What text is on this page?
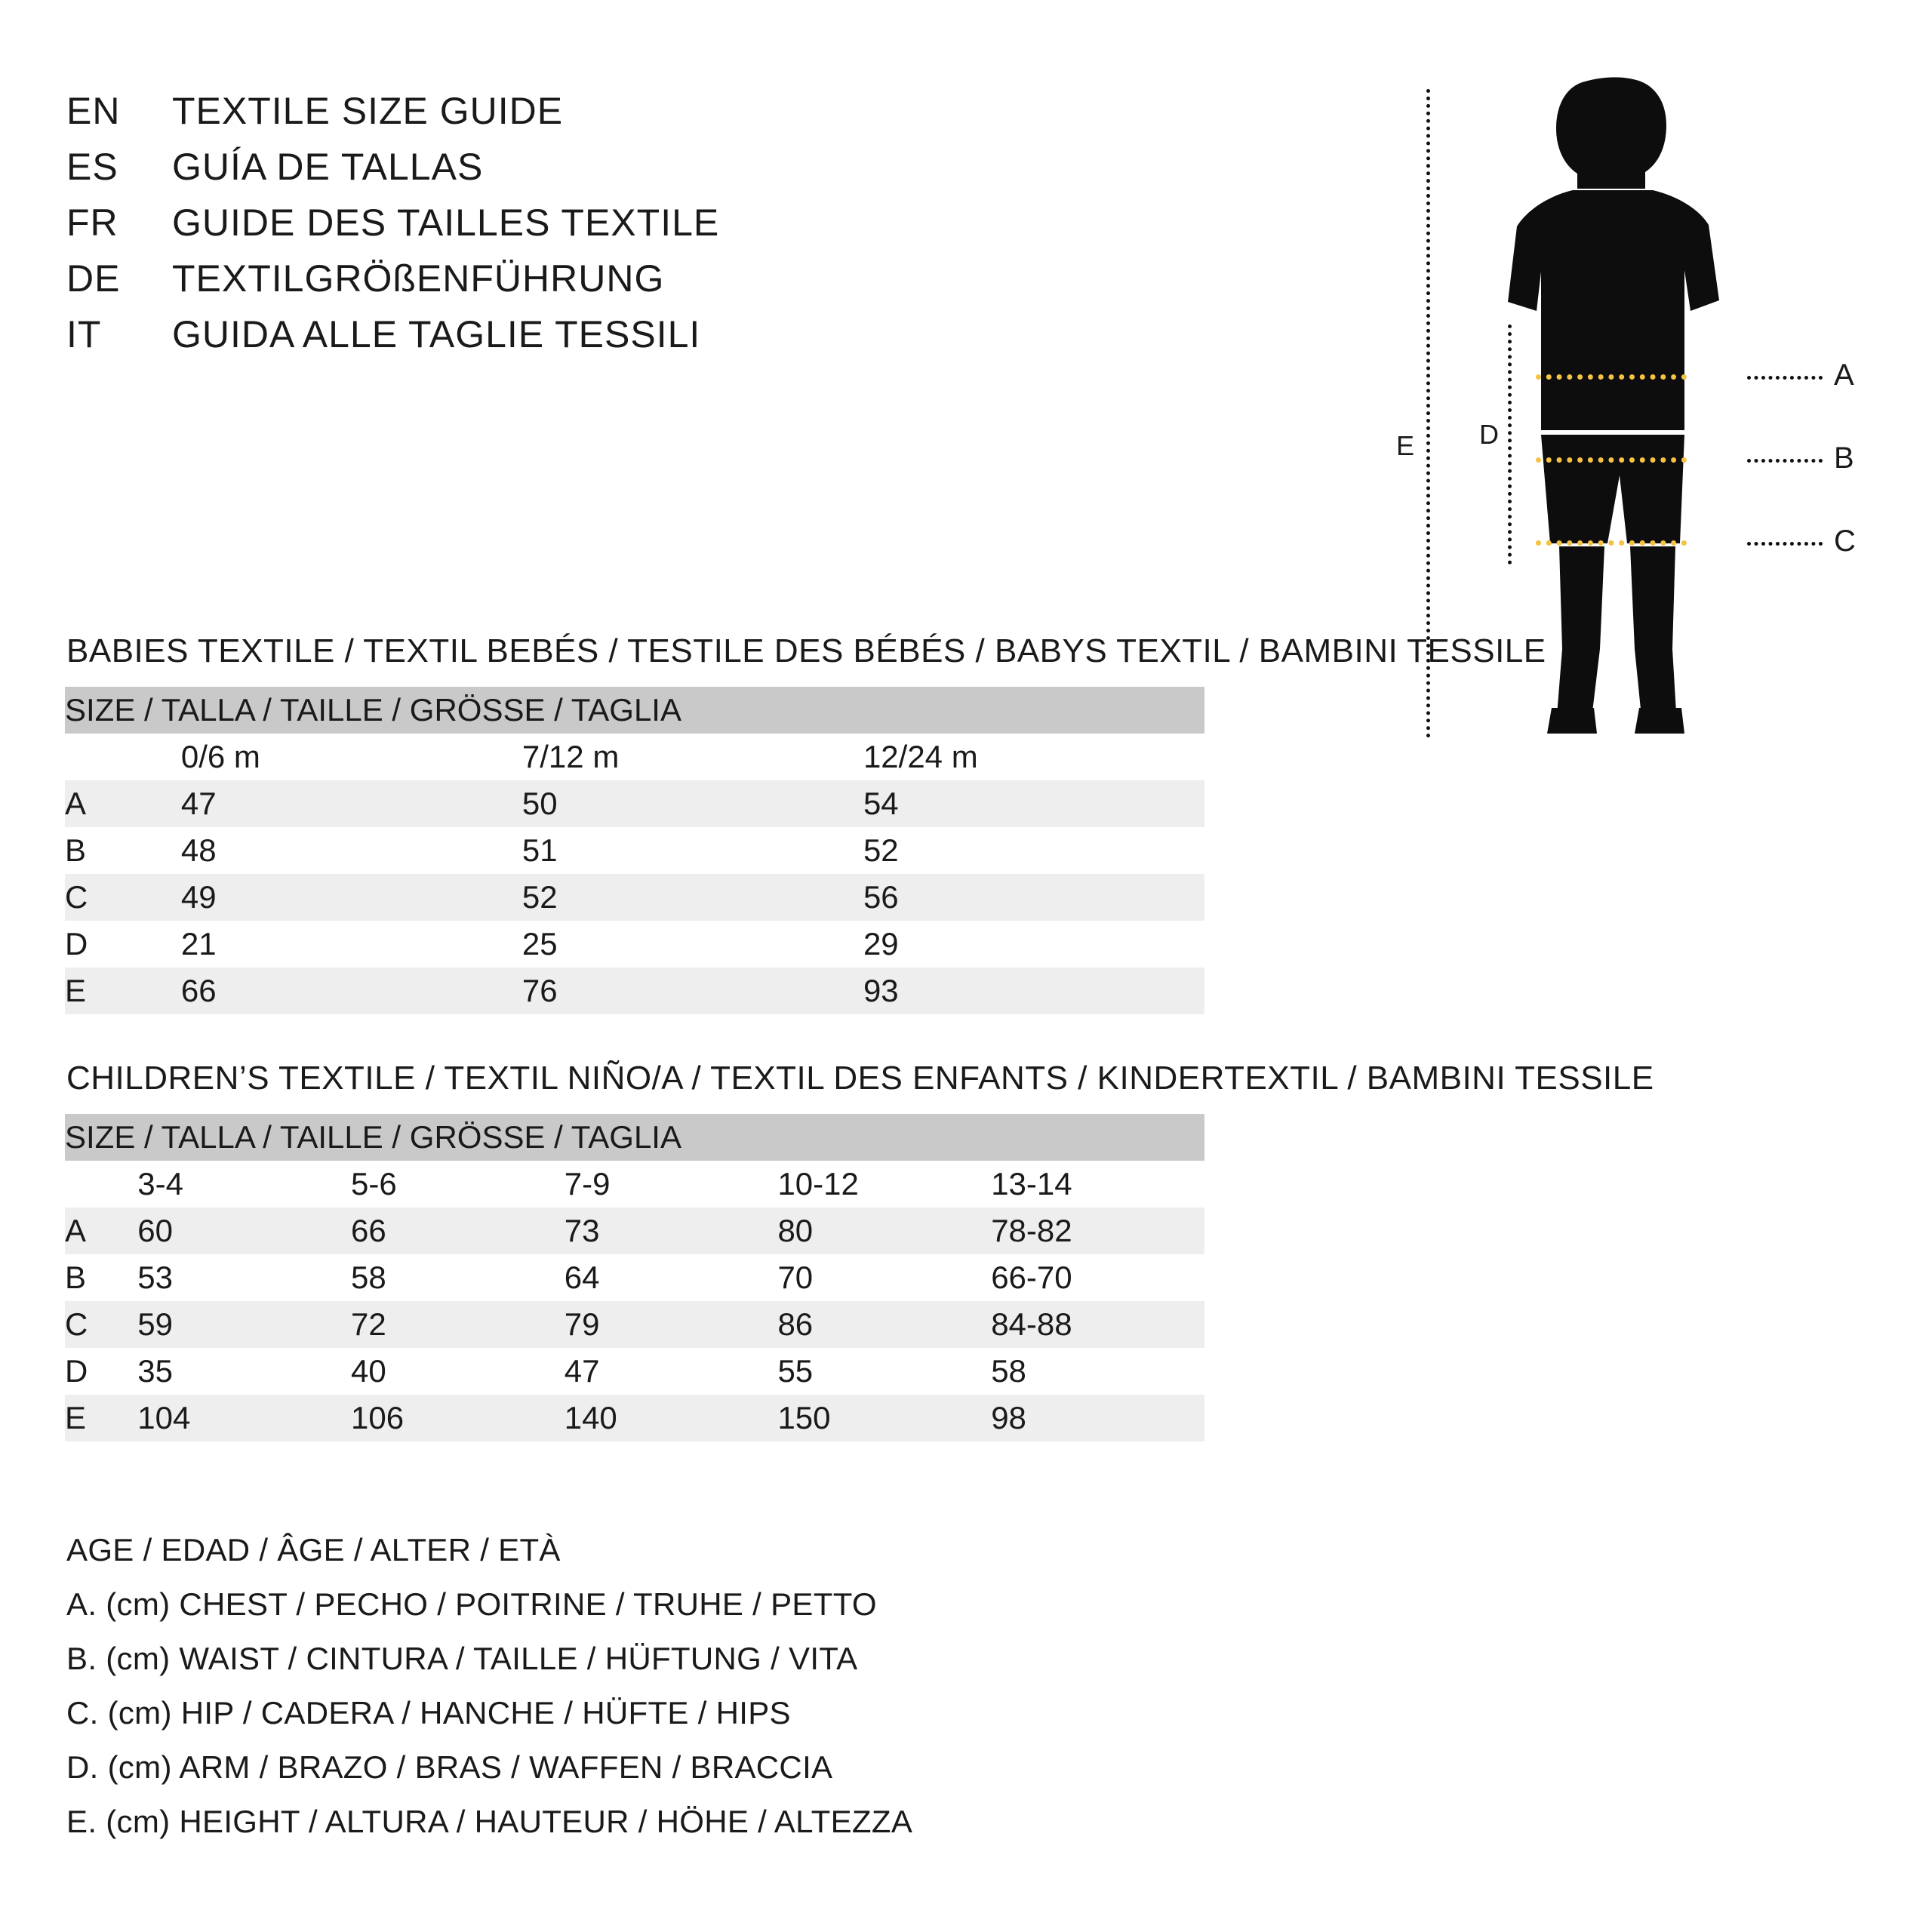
EN	TEXTILE SIZE GUIDE
ES	GUÍA DE TALLAS
FR	GUIDE DES TAILLES TEXTILE
DE	TEXTILGRÖßENFÜHRUNG
IT	GUIDA ALLE TAGLIE TESSILI
E D
A
B
C
BABIES TEXTILE / TEXTIL BEBÉS / TESTILE DES BÉBÉS / BABYS TEXTIL / BAMBINI TESSILE
SIZE / TALLA / TAILLE / GRÖSSE / TAGLIA			
	0/6 m	7/12 m	12/24 m
A	47	50	54
B	48	51	52
C	49	52	56
D	21	25	29
E	66	76	93
CHILDREN’S TEXTILE / TEXTIL NIÑO/A / TEXTIL DES ENFANTS / KINDERTEXTIL / BAMBINI TESSILE
SIZE / TALLA / TAILLE / GRÖSSE / TAGLIA					
	3-4	5-6	7-9	10-12	13-14
A	60	66	73	80	78-82
B	53	58	64	70	66-70
C	59	72	79	86	84-88
D	35	40	47	55	58
E	104	106	140	150	98
AGE / EDAD / ÂGE / ALTER / ETÀ
A. (cm) CHEST / PECHO / POITRINE / TRUHE / PETTO
B. (cm) WAIST / CINTURA / TAILLE / HÜFTUNG / VITA
C. (cm) HIP / CADERA / HANCHE / HÜFTE / HIPS
D. (cm) ARM / BRAZO / BRAS / WAFFEN / BRACCIA
E. (cm) HEIGHT / ALTURA / HAUTEUR / HÖHE / ALTEZZA
